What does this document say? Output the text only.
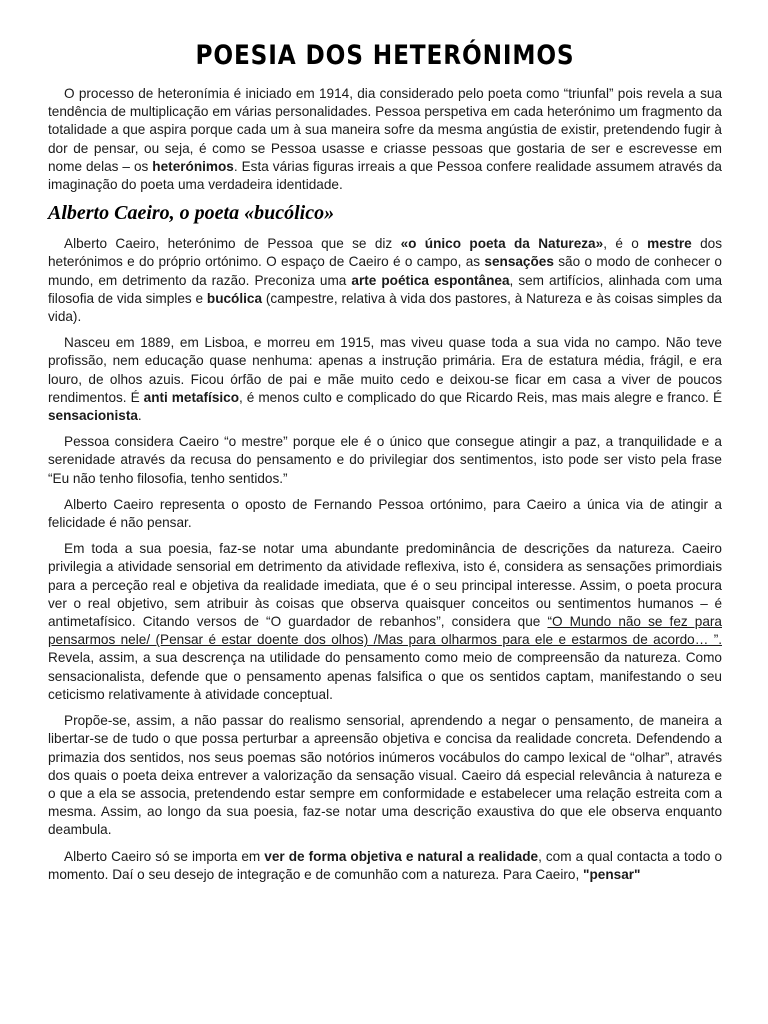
POESIA DOS HETERÓNIMOS

O processo de heteronímia é iniciado em 1914, dia considerado pelo poeta como “triunfal” pois revela a sua tendência de multiplicação em várias personalidades. Pessoa perspetiva em cada heterónimo um fragmento da totalidade a que aspira porque cada um à sua maneira sofre da mesma angústia de existir, pretendendo fugir à dor de pensar, ou seja, é como se Pessoa usasse e criasse pessoas que gostaria de ser e escrevesse em nome delas – os heterónimos. Esta várias figuras irreais a que Pessoa confere realidade assumem através da imaginação do poeta uma verdadeira identidade.

Alberto Caeiro, o poeta «bucólico»

Alberto Caeiro, heterónimo de Pessoa que se diz «o único poeta da Natureza», é o mestre dos heterónimos e do próprio ortónimo. O espaço de Caeiro é o campo, as sensações são o modo de conhecer o mundo, em detrimento da razão. Preconiza uma arte poética espontânea, sem artifícios, alinhada com uma filosofia de vida simples e bucólica (campestre, relativa à vida dos pastores, à Natureza e às coisas simples da vida).

Nasceu em 1889, em Lisboa, e morreu em 1915, mas viveu quase toda a sua vida no campo. Não teve profissão, nem educação quase nenhuma: apenas a instrução primária. Era de estatura média, frágil, e era louro, de olhos azuis. Ficou órfão de pai e mãe muito cedo e deixou-se ficar em casa a viver de poucos rendimentos. É anti metafísico, é menos culto e complicado do que Ricardo Reis, mas mais alegre e franco. É sensacionista.

Pessoa considera Caeiro “o mestre” porque ele é o único que consegue atingir a paz, a tranquilidade e a serenidade através da recusa do pensamento e do privilegiar dos sentimentos, isto pode ser visto pela frase “Eu não tenho filosofia, tenho sentidos.”

Alberto Caeiro representa o oposto de Fernando Pessoa ortónimo, para Caeiro a única via de atingir a felicidade é não pensar.

Em toda a sua poesia, faz-se notar uma abundante predominância de descrições da natureza. Caeiro privilegia a atividade sensorial em detrimento da atividade reflexiva, isto é, considera as sensações primordiais para a perceção real e objetiva da realidade imediata, que é o seu principal interesse. Assim, o poeta procura ver o real objetivo, sem atribuir às coisas que observa quaisquer conceitos ou sentimentos humanos – é antimetafísico. Citando versos de “O guardador de rebanhos”, considera que “O Mundo não se fez para pensarmos nele/ (Pensar é estar doente dos olhos) /Mas para olharmos para ele e estarmos de acordo… ”. Revela, assim, a sua descrença na utilidade do pensamento como meio de compreensão da natureza. Como sensacionalista, defende que o pensamento apenas falsifica o que os sentidos captam, manifestando o seu ceticismo relativamente à atividade conceptual.

Propõe-se, assim, a não passar do realismo sensorial, aprendendo a negar o pensamento, de maneira a libertar-se de tudo o que possa perturbar a apreensão objetiva e concisa da realidade concreta. Defendendo a primazia dos sentidos, nos seus poemas são notórios inúmeros vocábulos do campo lexical de “olhar”, através dos quais o poeta deixa entrever a valorização da sensação visual. Caeiro dá especial relevância à natureza e o que a ela se associa, pretendendo estar sempre em conformidade e estabelecer uma relação estreita com a mesma. Assim, ao longo da sua poesia, faz-se notar uma descrição exaustiva do que ele observa enquanto deambula.

Alberto Caeiro só se importa em ver de forma objetiva e natural a realidade, com a qual contacta a todo o momento. Daí o seu desejo de integração e de comunhão com a natureza. Para Caeiro, "pensar"
